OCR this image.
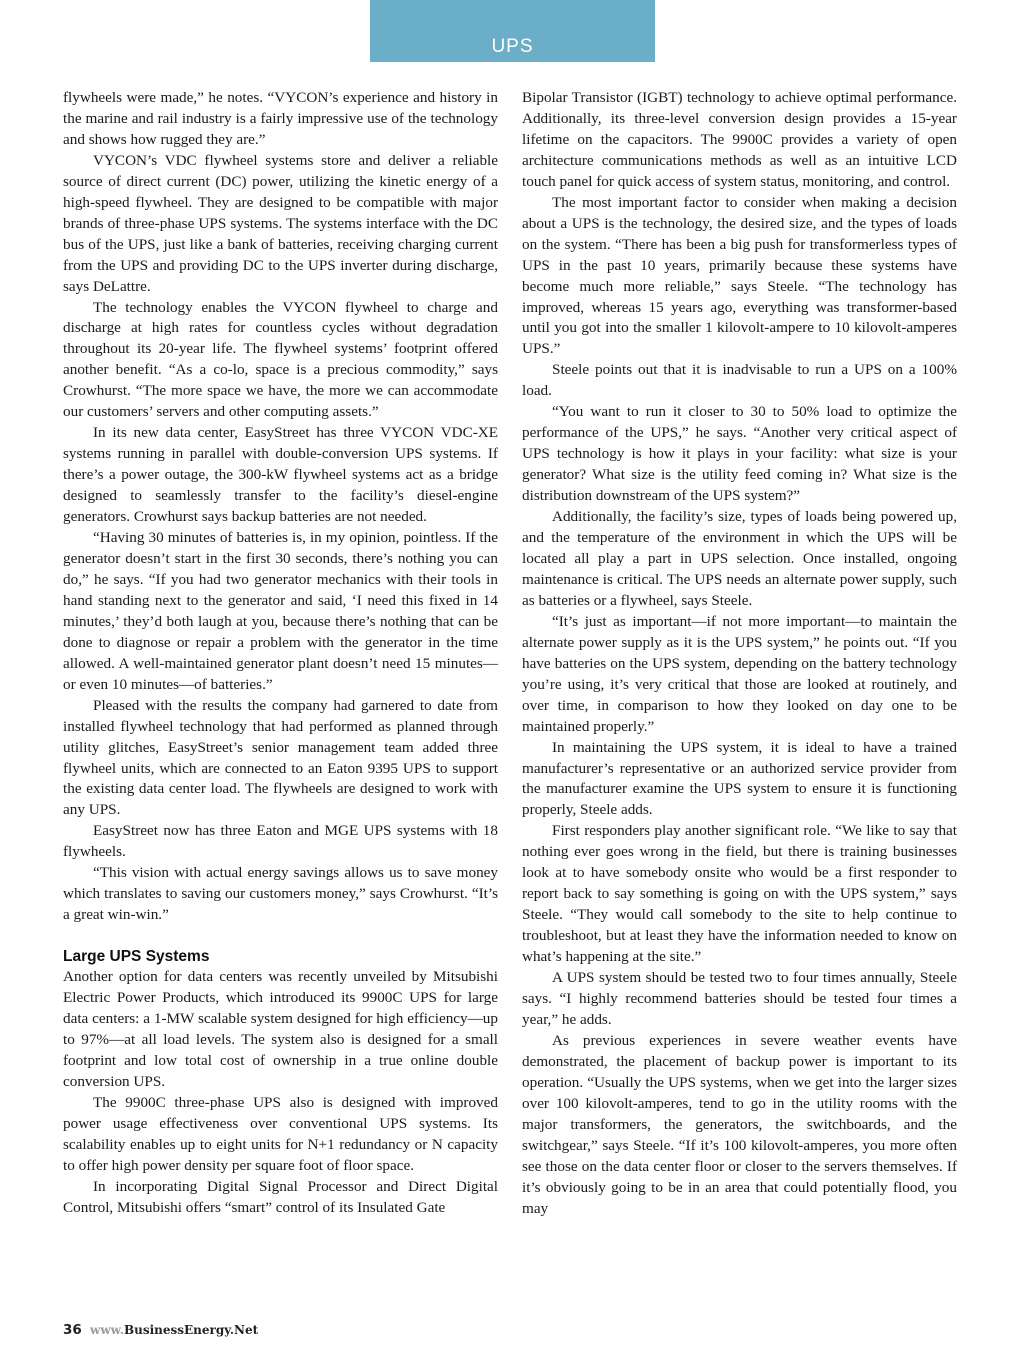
UPS

flywheels were made,” he notes. “VYCON’s experience and history in the marine and rail industry is a fairly impressive use of the technology and shows how rugged they are.”

VYCON’s VDC flywheel systems store and deliver a reliable source of direct current (DC) power, utilizing the kinetic energy of a high-speed flywheel. They are designed to be compatible with major brands of three-phase UPS systems. The systems interface with the DC bus of the UPS, just like a bank of batteries, receiving charging current from the UPS and providing DC to the UPS inverter during discharge, says DeLattre.

The technology enables the VYCON flywheel to charge and discharge at high rates for countless cycles without degradation throughout its 20-year life. The flywheel systems’ footprint offered another benefit. “As a co-lo, space is a precious commodity,” says Crowhurst. “The more space we have, the more we can accommodate our customers’ servers and other computing assets.”

In its new data center, EasyStreet has three VYCON VDC-XE systems running in parallel with double-conversion UPS systems. If there’s a power outage, the 300-kW flywheel systems act as a bridge designed to seamlessly transfer to the facility’s diesel-engine generators. Crowhurst says backup batteries are not needed.

“Having 30 minutes of batteries is, in my opinion, pointless. If the generator doesn’t start in the first 30 seconds, there’s nothing you can do,” he says. “If you had two generator mechanics with their tools in hand standing next to the generator and said, ‘I need this fixed in 14 minutes,’ they’d both laugh at you, because there’s nothing that can be done to diagnose or repair a problem with the generator in the time allowed. A well-maintained generator plant doesn’t need 15 minutes—or even 10 minutes—of batteries.”

Pleased with the results the company had garnered to date from installed flywheel technology that had performed as planned through utility glitches, EasyStreet’s senior management team added three flywheel units, which are connected to an Eaton 9395 UPS to support the existing data center load. The flywheels are designed to work with any UPS.

EasyStreet now has three Eaton and MGE UPS systems with 18 flywheels.

“This vision with actual energy savings allows us to save money which translates to saving our customers money,” says Crowhurst. “It’s a great win-win.”

Large UPS Systems

Another option for data centers was recently unveiled by Mitsubishi Electric Power Products, which introduced its 9900C UPS for large data centers: a 1-MW scalable system designed for high efficiency—up to 97%—at all load levels. The system also is designed for a small footprint and low total cost of ownership in a true online double conversion UPS.

The 9900C three-phase UPS also is designed with improved power usage effectiveness over conventional UPS systems. Its scalability enables up to eight units for N+1 redundancy or N capacity to offer high power density per square foot of floor space.

In incorporating Digital Signal Processor and Direct Digital Control, Mitsubishi offers “smart” control of its Insulated Gate

Bipolar Transistor (IGBT) technology to achieve optimal performance. Additionally, its three-level conversion design provides a 15-year lifetime on the capacitors. The 9900C provides a variety of open architecture communications methods as well as an intuitive LCD touch panel for quick access of system status, monitoring, and control.

The most important factor to consider when making a decision about a UPS is the technology, the desired size, and the types of loads on the system. “There has been a big push for transformerless types of UPS in the past 10 years, primarily because these systems have become much more reliable,” says Steele. “The technology has improved, whereas 15 years ago, everything was transformer-based until you got into the smaller 1 kilovolt-ampere to 10 kilovolt-amperes UPS.”

Steele points out that it is inadvisable to run a UPS on a 100% load.

“You want to run it closer to 30 to 50% load to optimize the performance of the UPS,” he says. “Another very critical aspect of UPS technology is how it plays in your facility: what size is your generator? What size is the utility feed coming in? What size is the distribution downstream of the UPS system?”

Additionally, the facility’s size, types of loads being powered up, and the temperature of the environment in which the UPS will be located all play a part in UPS selection. Once installed, ongoing maintenance is critical. The UPS needs an alternate power supply, such as batteries or a flywheel, says Steele.

“It’s just as important—if not more important—to maintain the alternate power supply as it is the UPS system,” he points out. “If you have batteries on the UPS system, depending on the battery technology you’re using, it’s very critical that those are looked at routinely, and over time, in comparison to how they looked on day one to be maintained properly.”

In maintaining the UPS system, it is ideal to have a trained manufacturer’s representative or an authorized service provider from the manufacturer examine the UPS system to ensure it is functioning properly, Steele adds.

First responders play another significant role. “We like to say that nothing ever goes wrong in the field, but there is training businesses look at to have somebody onsite who would be a first responder to report back to say something is going on with the UPS system,” says Steele. “They would call somebody to the site to help continue to troubleshoot, but at least they have the information needed to know on what’s happening at the site.”

A UPS system should be tested two to four times annually, Steele says. “I highly recommend batteries should be tested four times a year,” he adds.

As previous experiences in severe weather events have demonstrated, the placement of backup power is important to its operation. “Usually the UPS systems, when we get into the larger sizes over 100 kilovolt-amperes, tend to go in the utility rooms with the major transformers, the generators, the switchboards, and the switchgear,” says Steele. “If it’s 100 kilovolt-amperes, you more often see those on the data center floor or closer to the servers themselves. If it’s obviously going to be in an area that could potentially flood, you may

36 www.BusinessEnergy.Net
